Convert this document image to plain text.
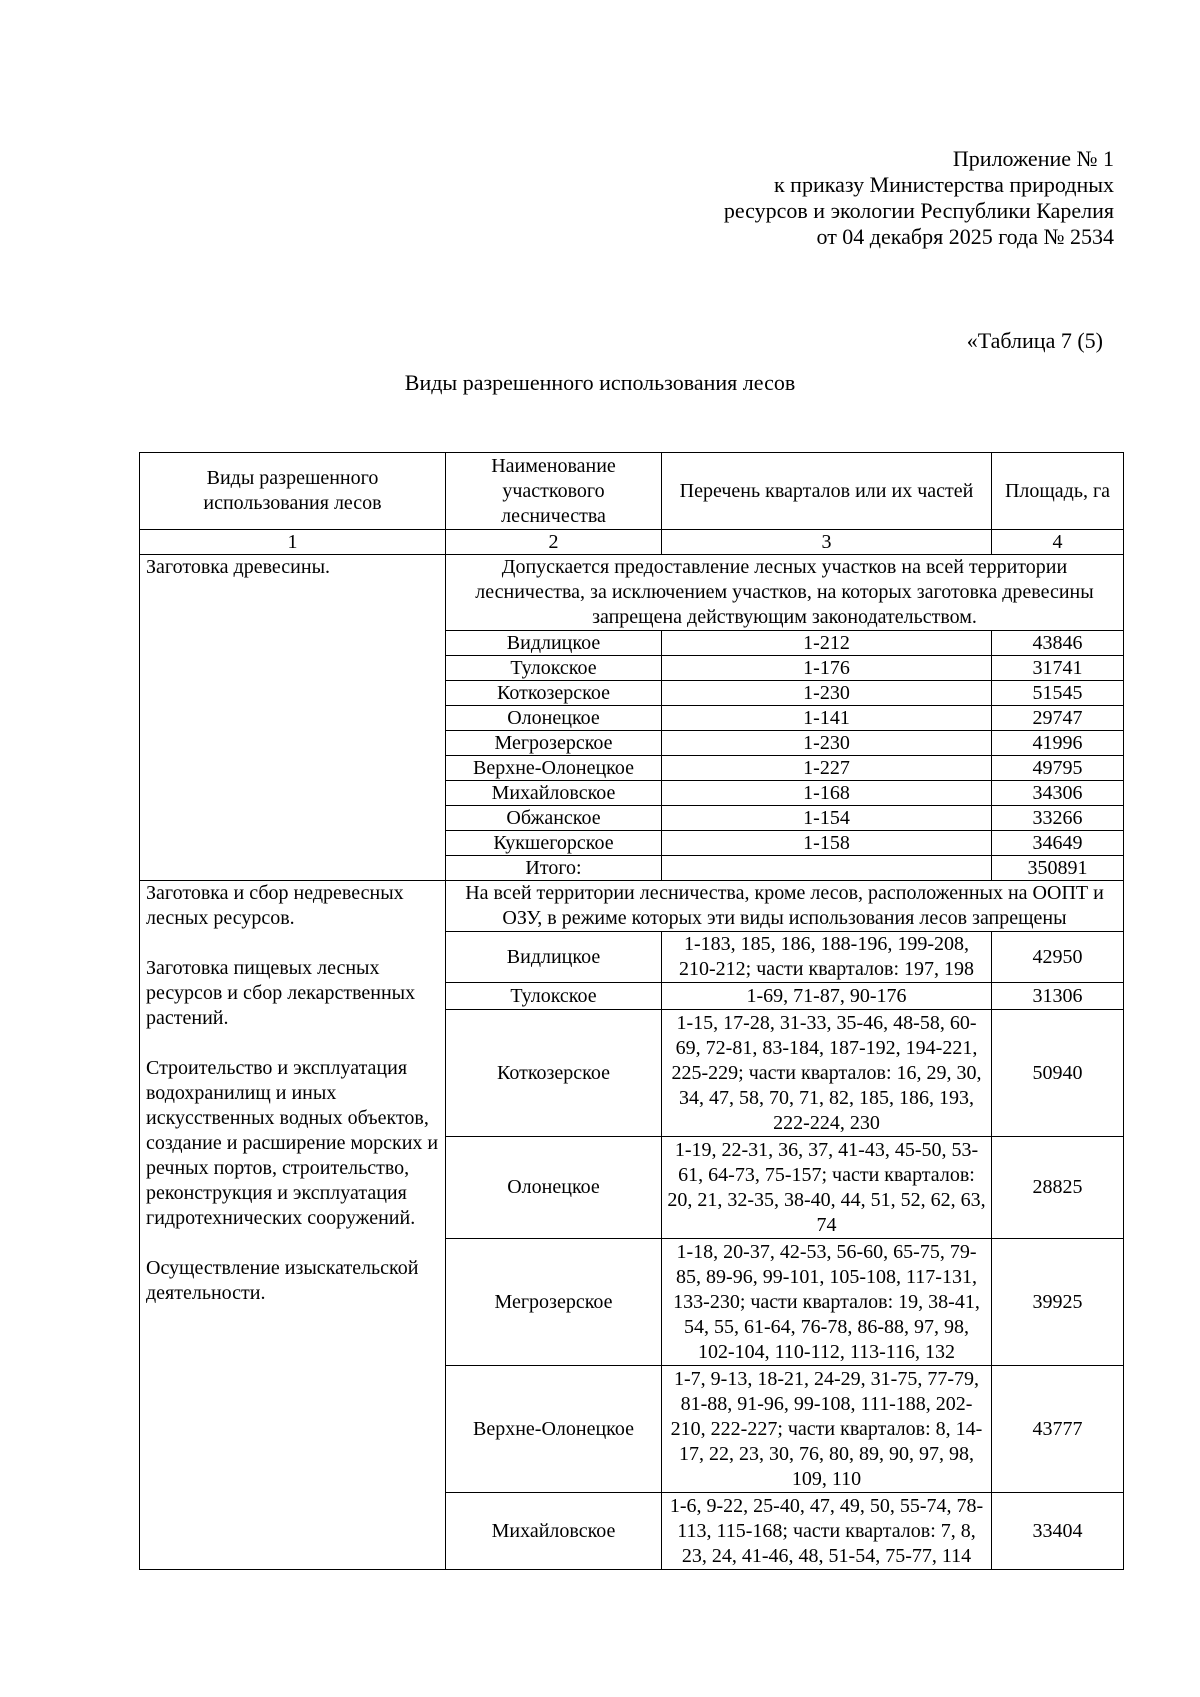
Приложение № 1
к приказу Министерства природных
ресурсов и экологии Республики Карелия
от 04 декабря 2025 года № 2534
«Таблица 7 (5)
Виды разрешенного использования лесов
Виды разрешенного использования лесов	Наименование участкового лесничества	Перечень кварталов или их частей	Площадь, га
1	2	3	4
Заготовка древесины.	Допускается предоставление лесных участков на всей территории лесничества, за исключением участков, на которых заготовка древесины запрещена действующим законодательством.		
	Видлицкое	1-212	43846
	Тулокское	1-176	31741
	Коткозерское	1-230	51545
	Олонецкое	1-141	29747
	Мегрозерское	1-230	41996
	Верхне-Олонецкое	1-227	49795
	Михайловское	1-168	34306
	Обжанское	1-154	33266
	Кукшегорское	1-158	34649
	Итого:		350891

Заготовка и сбор недревесных лесных ресурсов.

Заготовка пищевых лесных ресурсов и сбор лекарственных растений.

Строительство и эксплуатация водохранилищ и иных искусственных водных объектов, создание и расширение морских и речных портов, строительство, реконструкция и эксплуатация гидротехнических сооружений.

Осуществление изыскательской деятельности.	На всей территории лесничества, кроме лесов, расположенных на ООПТ и ОЗУ, в режиме которых эти виды использования лесов запрещены		
	Видлицкое	1-183, 185, 186, 188-196, 199-208, 210-212; части кварталов: 197, 198	42950
	Тулокское	1-69, 71-87, 90-176	31306
	Коткозерское	1-15, 17-28, 31-33, 35-46, 48-58, 60-69, 72-81, 83-184, 187-192, 194-221, 225-229; части кварталов: 16, 29, 30, 34, 47, 58, 70, 71, 82, 185, 186, 193, 222-224, 230	50940
	Олонецкое	1-19, 22-31, 36, 37, 41-43, 45-50, 53-61, 64-73, 75-157; части кварталов: 20, 21, 32-35, 38-40, 44, 51, 52, 62, 63, 74	28825
	Мегрозерское	1-18, 20-37, 42-53, 56-60, 65-75, 79-85, 89-96, 99-101, 105-108, 117-131, 133-230; части кварталов: 19, 38-41, 54, 55, 61-64, 76-78, 86-88, 97, 98, 102-104, 110-112, 113-116, 132	39925
	Верхне-Олонецкое	1-7, 9-13, 18-21, 24-29, 31-75, 77-79, 81-88, 91-96, 99-108, 111-188, 202-210, 222-227; части кварталов: 8, 14-17, 22, 23, 30, 76, 80, 89, 90, 97, 98, 109, 110	43777
	Михайловское	1-6, 9-22, 25-40, 47, 49, 50, 55-74, 78-113, 115-168; части кварталов: 7, 8, 23, 24, 41-46, 48, 51-54, 75-77, 114	33404
